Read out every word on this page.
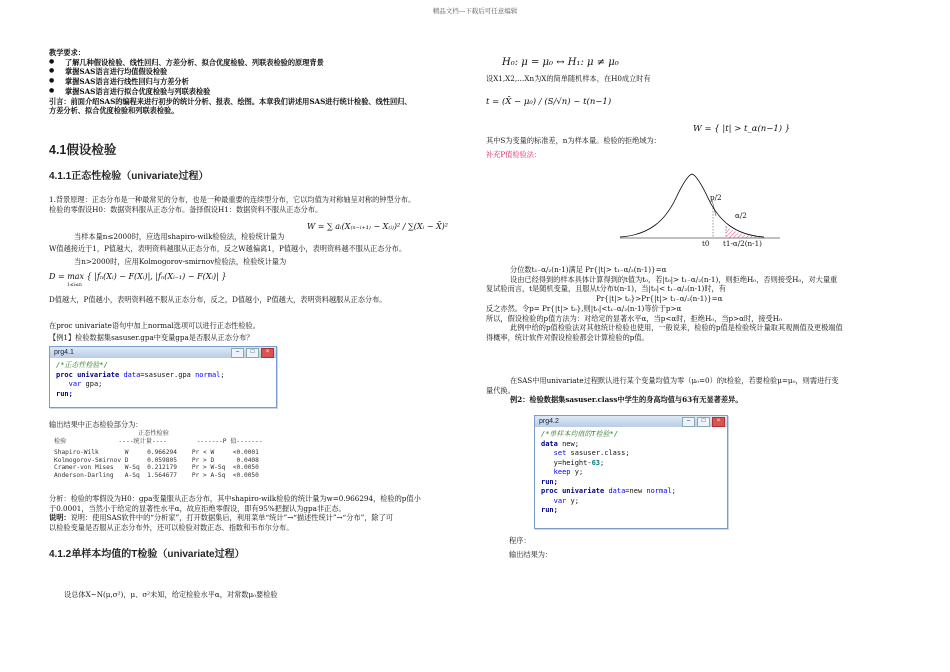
精品文档---下载后可任意编辑
教学要求：
● 了解几种假设检验、线性回归、方差分析、拟合优度检验、列联表检验的原理背景
● 掌握SAS语言进行均值假设检验
● 掌握SAS语言进行线性回归与方差分析
● 掌握SAS语言进行拟合优度检验与列联表检验
引言：前面介绍SAS的编程来进行初步的统计分析、报表、绘图。本章我们讲述用SAS进行统计检验、线性回归、
方差分析、拟合优度检验和列联表检验。
4.1假设检验
4.1.1正态性检验（univariate过程）
1.背景原理：正态分布是一种最常见的分布，也是一种最重要的连续型分布，它以均值为对称轴呈对称的钟型分布。
检验的零假设H0：数据资料服从正态分布。备择假设H1：数据资料不服从正态分布。
当样本量n≤2000时，应选用shapiro-wilk检验法，检验统计量为
W = ∑ aᵢ(X₍ₙ₋ᵢ₊₁₎ − X₍ᵢ₎)² / ∑(Xᵢ − X̄)²
W值越接近于1，P值越大，表明资料越服从正态分布，反之W越偏离1，P值越小，表明资料越不服从正态分布。
当n>2000时，应用Kolmogorov-smirnov检验法，检验统计量为
D = max { |fₙ(Xᵢ) − F(Xᵢ)|, |fₙ(Xᵢ₋₁) − F(Xᵢ)| }
1≤i≤n
D值越大，P值越小，表明资料越不服从正态分布，反之，D值越小，P值越大，表明资料越服从正态分布。
在proc univariate语句中加上normal选项可以进行正态性检验。
【例1】检验数据集sasuser.gpa中变量gpa是否服从正态分布？
prg4.1	–	□	×
/*正态性检验*/
proc univariate data=sasuser.gpa normal;
var gpa;
run;
输出结果中正态检验部分为：
正态性检验
检验              ----统计量----        -------P 值-------
Shapiro-Wilk       W     0.966294    Pr < W     <0.0001
Kolmogorov-Smirnov D     0.059805    Pr > D      0.0408
Cramer-von Mises   W-Sq  0.212179    Pr > W-Sq  <0.0050
Anderson-Darling   A-Sq  1.564677    Pr > A-Sq  <0.0050
分析：检验的零假设为H0：gpa变量服从正态分布，其中shapiro-wilk检验的统计量为w=0.966294，检验的p值小
于0.0001，当然小于给定的显著性水平α，故应拒绝零假设，即有95%把握认为gpa非正态。
说明：说明：使用SAS软件中的“分析家”，打开数据集后，利用菜单“统计”→“描述性统计”→“分布”，除了可
以检验变量是否服从正态分布外，还可以检验对数正态、指数和韦布尔分布。
4.1.2单样本均值的T检验（univariate过程）
设总体X~N(μ,σ²)，μ、σ²未知，给定检验水平α，对常数μ₀要检验
H₀: μ = μ₀ ↔ H₁: μ ≠ μ₀
设X1,X2,…Xn为X的简单随机样本，在H0成立时有
t = (X̄ − μ₀) / (S/√n) ~ t(n−1)
W = { |t| > t_α(n−1) }
其中S为变量的标准差，n为样本量。检验的拒绝域为：
补充P值检验法：
p/2
α/2
t0 t1-α/2(n-1)
分位数t₁₋α/₂(n-1)满足 Pr{|t|> t₁₋α/₂(n-1)}=α
设由已经得到的样本具体计算得到的t值为t₀，若|t₀|> t₁₋α/₂(n-1)，则拒绝H₀，否则接受H₀，对大量重
复试验而言，t是随机变量，且服从t分布t(n-1)，当|t₀|< t₁₋α/₂(n-1)时，有
Pr{|t|> t₀}>Pr{|t|> t₁₋α/₂(n-1)}=α
反之亦然。令p= Pr{|t|> t₀},则|t₀|<t₁₋α/₂(n-1)等价于p>α
所以，假设检验的p值方法为：对给定的显著水平α，当p<α时，拒绝H₀，当p>α时，接受H₀
此例中给的p值检验法对其他统计检验也使用，一般说来，检验的p值是检验统计量取其观测值及更极端值
得概率，统计软件对假设检验都会计算检验的p值。
在SAS中用univariate过程默认进行某个变量均值为零（μ₀=0）的t检验，若要检验μ=μ₀，则需进行变
量代换。
例2：检验数据集sasuser.class中学生的身高均值与63有无显著差异。
prg4.2	–	□	×
/*单样本均值的T检验*/
data new;
set sasuser.class;
y=height-63;
keep y;
run;
proc univariate data=new normal;
var y;
run;
程序：
输出结果为：
